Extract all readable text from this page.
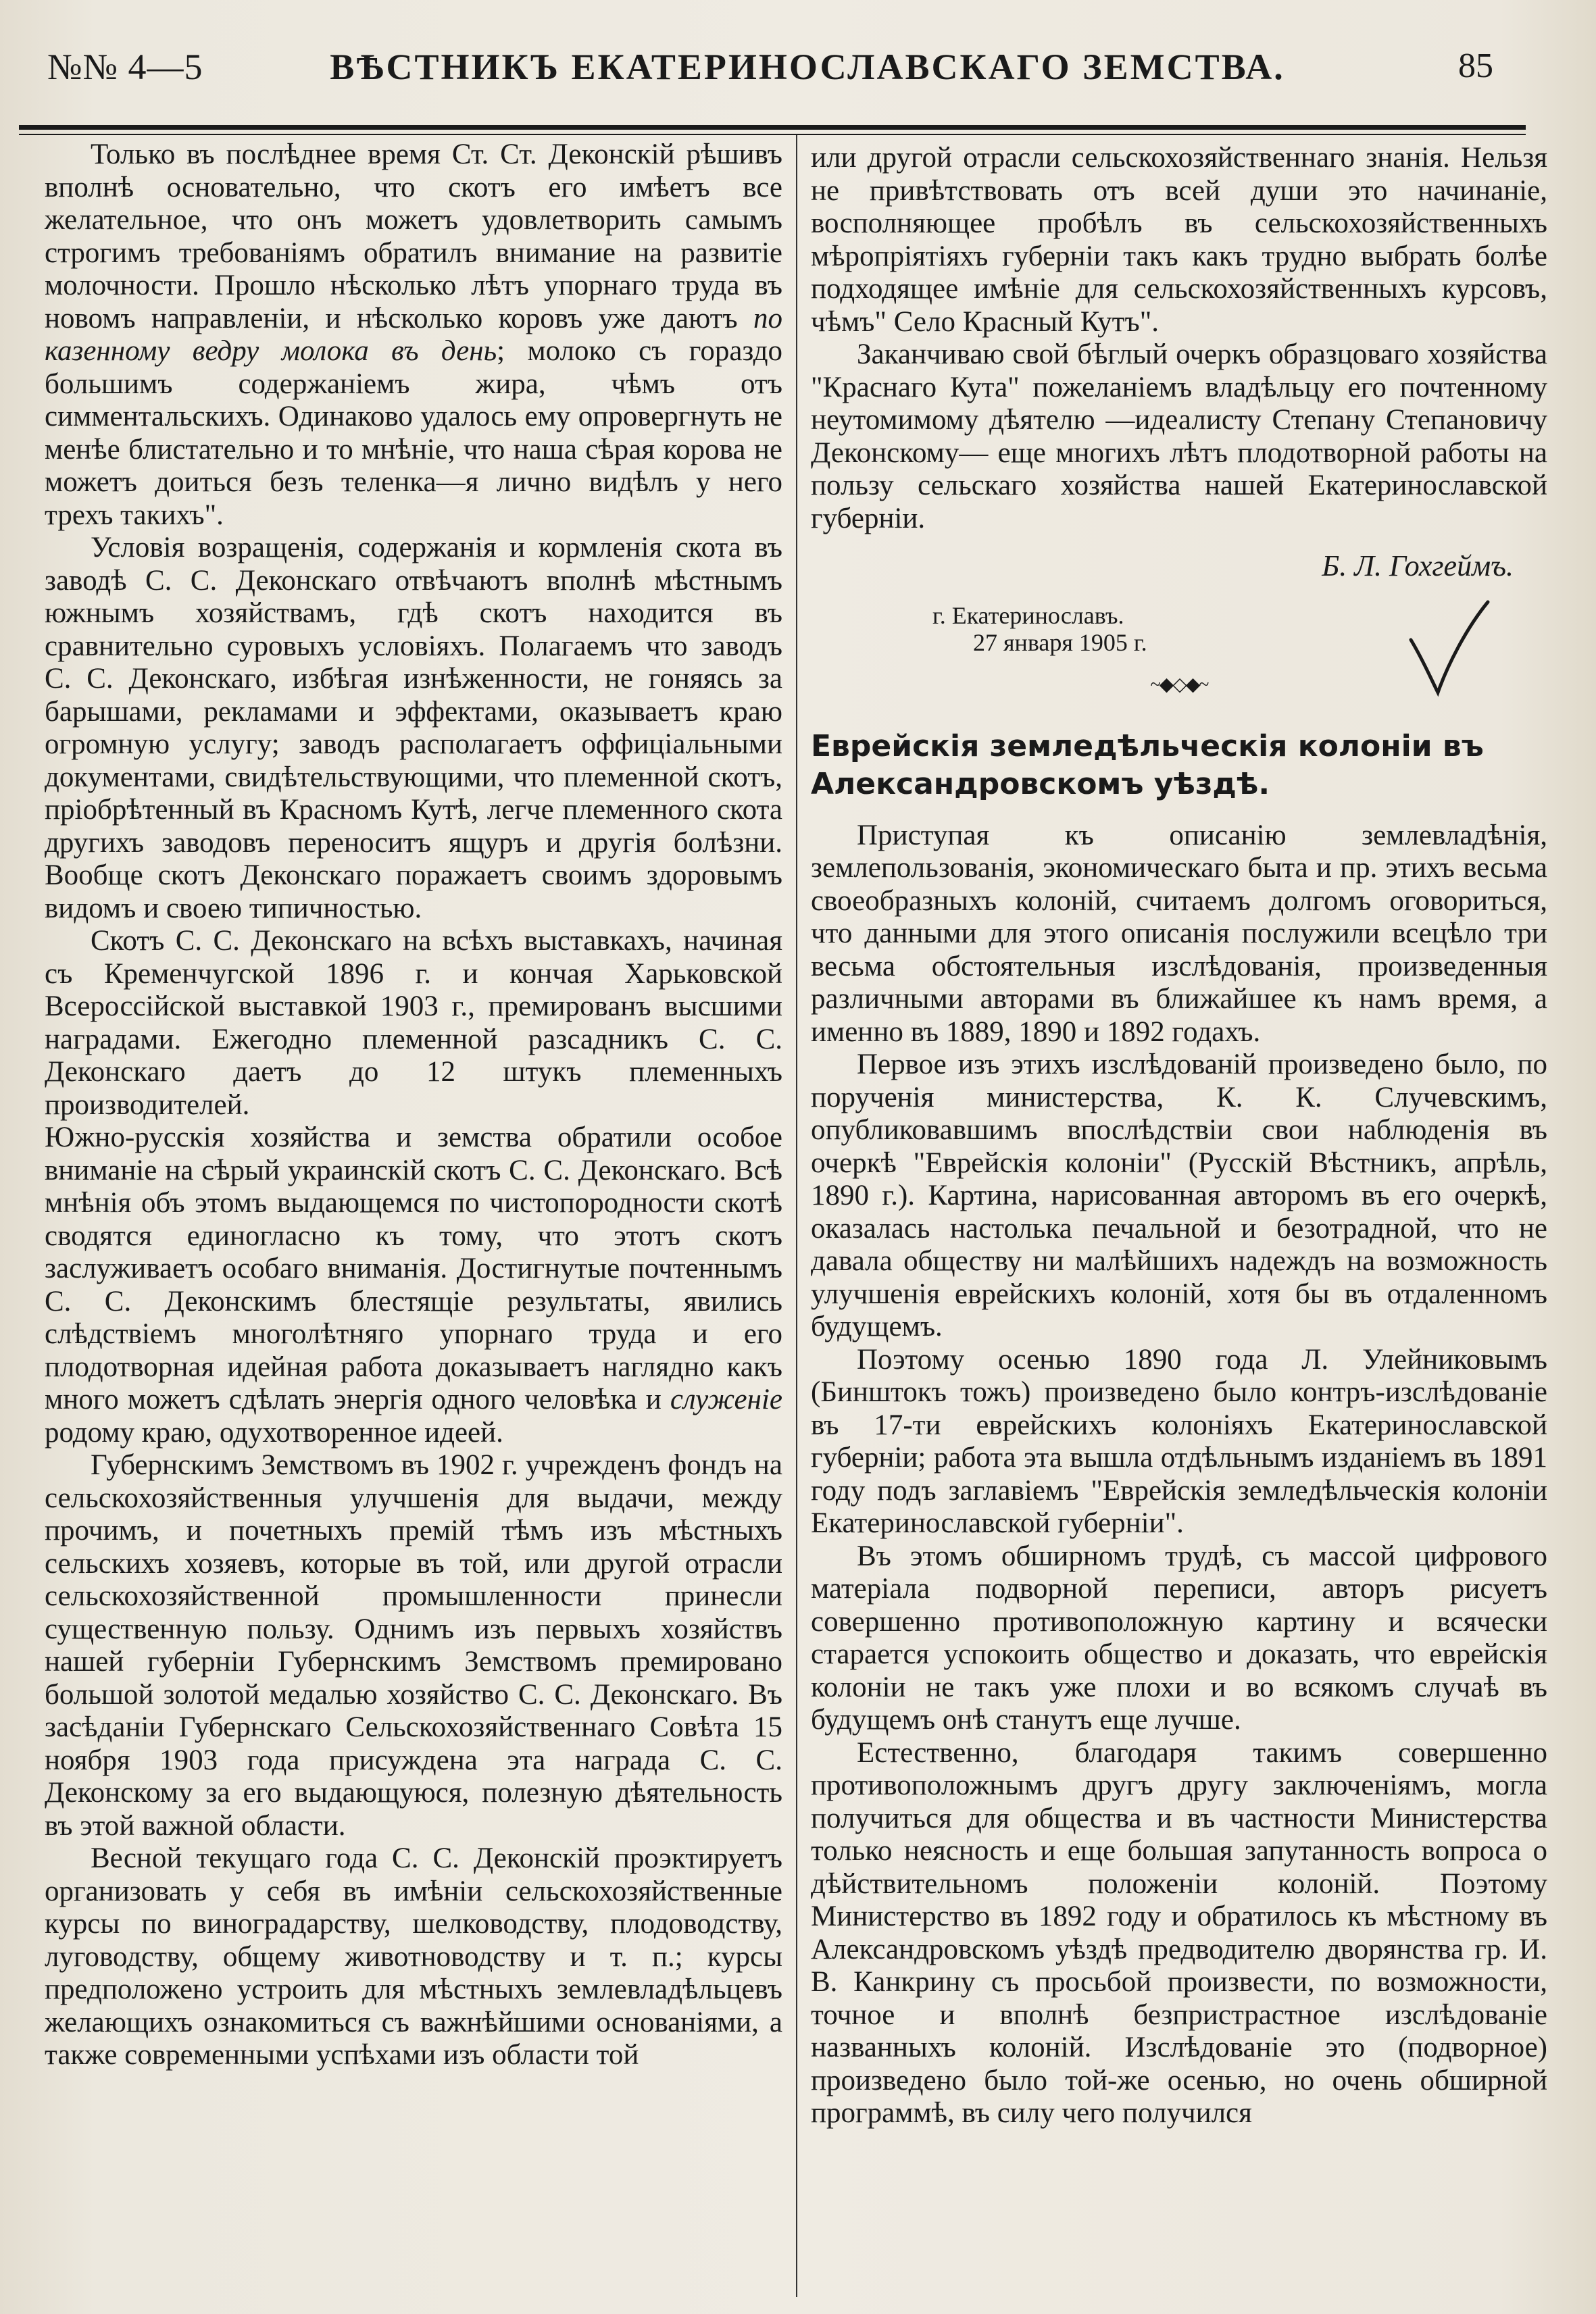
№№ 4—5	ВѢСТНИКЪ ЕКАТЕРИНОСЛАВСКАГО ЗЕМСТВА.	85

Только въ послѣднее время Ст. Ст. Деконскій рѣшивъ вполнѣ основательно, что скотъ его имѣетъ все желательное, что онъ можетъ удовлетворить самымъ строгимъ требованіямъ обратилъ внимание на развитіе молочности. Прошло нѣсколько лѣтъ упорнаго труда въ новомъ направленіи, и нѣсколько коровъ уже даютъ по казенному ведру молока въ день; молоко съ гораздо большимъ содержаніемъ жира, чѣмъ отъ симментальскихъ. Одинаково удалось ему опровергнуть не менѣе блистательно и то мнѣніе, что наша сѣрая корова не можетъ доиться безъ теленка—я лично видѣлъ у него трехъ такихъ".

Условія возращенія, содержанія и кормленія скота въ заводѣ С. С. Деконскаго отвѣчаютъ вполнѣ мѣстнымъ южнымъ хозяйствамъ, гдѣ скотъ находится въ сравнительно суровыхъ условіяхъ. Полагаемъ что заводъ С. С. Деконскаго, избѣгая изнѣженности, не гоняясь за барышами, рекламами и эффектами, оказываетъ краю огромную услугу; заводъ располагаетъ оффиціальными документами, свидѣтельствующими, что племенной скотъ, пріобрѣтенный въ Красномъ Кутѣ, легче племенного скота другихъ заводовъ переноситъ ящуръ и другія болѣзни. Вообще скотъ Деконскаго поражаетъ своимъ здоровымъ видомъ и своею типичностью.

Скотъ С. С. Деконскаго на всѣхъ выставкахъ, начиная съ Кременчугской 1896 г. и кончая Харьковской Всероссійской выставкой 1903 г., премированъ высшими наградами. Ежегодно племенной разсадникъ С. С. Деконскаго даетъ до 12 штукъ племенныхъ производителей.

Южно-русскія хозяйства и земства обратили особое вниманіе на сѣрый украинскій скотъ С. С. Деконскаго. Всѣ мнѣнія объ этомъ выдающемся по чистопородности скотѣ сводятся единогласно къ тому, что этотъ скотъ заслуживаетъ особаго вниманія. Достигнутые почтеннымъ С. С. Деконскимъ блестящіе результаты, явились слѣдствіемъ многолѣтняго упорнаго труда и его плодотворная идейная работа доказываетъ наглядно какъ много можетъ сдѣлать энергія одного человѣка и служеніе родому краю, одухотворенное идеей.

Губернскимъ Земствомъ въ 1902 г. учрежденъ фондъ на сельскохозяйственныя улучшенія для выдачи, между прочимъ, и почетныхъ премій тѣмъ изъ мѣстныхъ сельскихъ хозяевъ, которые въ той, или другой отрасли сельскохозяйственной промышленности принесли существенную пользу. Однимъ изъ первыхъ хозяйствъ нашей губерніи Губернскимъ Земствомъ премировано большой золотой медалью хозяйство С. С. Деконскаго. Въ засѣданіи Губернскаго Сельскохозяйственнаго Совѣта 15 ноября 1903 года присуждена эта награда С. С. Деконскому за его выдающуюся, полезную дѣятельность въ этой важной области.

Весной текущаго года С. С. Деконскій проэктируетъ организовать у себя въ имѣніи сельскохозяйственные курсы по виноградарству, шелководству, плодоводству, луговодству, общему животноводству и т. п.; курсы предположено устроить для мѣстныхъ землевладѣльцевъ желающихъ ознакомиться съ важнѣйшими основаніями, а также современными успѣхами изъ области той

или другой отрасли сельскохозяйственнаго знанія. Нельзя не привѣтствовать отъ всей души это начинаніе, восполняющее пробѣлъ въ сельскохозяйственныхъ мѣропріятіяхъ губерніи такъ какъ трудно выбрать болѣе подходящее имѣніе для сельскохозяйственныхъ курсовъ, чѣмъ" Село Красный Кутъ".

Заканчиваю свой бѣглый очеркъ образцоваго хозяйства "Краснаго Кута" пожеланіемъ владѣльцу его почтенному неутомимому дѣятелю —идеалисту Степану Степановичу Деконскому— еще многихъ лѣтъ плодотворной работы на пользу сельскаго хозяйства нашей Екатеринославской губерніи.

Б. Л. Гохгеймъ.
г. Екатеринославъ.
27 января 1905 г.
~◆◇◆~
Еврейскія земледѣльческія колоніи въ Александровскомъ уѣздѣ.

Приступая къ описанію землевладѣнія, землепользованія, экономическаго быта и пр. этихъ весьма своеобразныхъ колоній, считаемъ долгомъ оговориться, что данными для этого описанія послужили всецѣло три весьма обстоятельныя изслѣдованія, произведенныя различными авторами въ ближайшее къ намъ время, а именно въ 1889, 1890 и 1892 годахъ.

Первое изъ этихъ изслѣдованій произведено было, по порученія министерства, К. К. Случевскимъ, опубликовавшимъ впослѣдствіи свои наблюденія въ очеркѣ "Еврейскія колоніи" (Русскій Вѣстникъ, апрѣль, 1890 г.). Картина, нарисованная авторомъ въ его очеркѣ, оказалась настолька печальной и безотрадной, что не давала обществу ни малѣйшихъ надеждъ на возможность улучшенія еврейскихъ колоній, хотя бы въ отдаленномъ будущемъ.

Поэтому осенью 1890 года Л. Улейниковымъ (Бинштокъ тожъ) произведено было контръ-изслѣдованіе въ 17-ти еврейскихъ колоніяхъ Екатеринославской губерніи; работа эта вышла отдѣльнымъ изданіемъ въ 1891 году подъ заглавіемъ "Еврейскія земледѣльческія колоніи Екатеринославской губерніи".

Въ этомъ обширномъ трудѣ, съ массой цифрового матеріала подворной переписи, авторъ рисуетъ совершенно противоположную картину и всячески старается успокоить общество и доказать, что еврейскія колоніи не такъ уже плохи и во всякомъ случаѣ въ будущемъ онѣ станутъ еще лучше.

Естественно, благодаря такимъ совершенно противоположнымъ другъ другу заключеніямъ, могла получиться для общества и въ частности Министерства только неясность и еще большая запутанность вопроса о дѣйствительномъ положеніи колоній. Поэтому Министерство въ 1892 году и обратилось къ мѣстному въ Александровскомъ уѣздѣ предводителю дворянства гр. И. В. Канкрину съ просьбой произвести, по возможности, точное и вполнѣ безпристрастное изслѣдованіе названныхъ колоній. Изслѣдованіе это (подворное) произведено было той-же осенью, но очень обширной программѣ, въ силу чего получился
